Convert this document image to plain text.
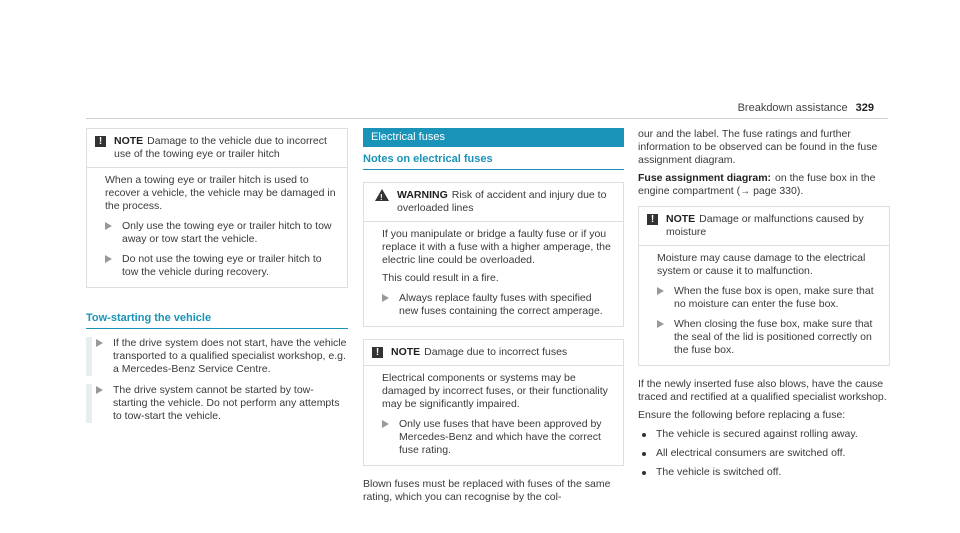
Breakdown assistance 329
!	NOTE Damage to the vehicle due to incorrect use of the towing eye or trailer hitch

When a towing eye or trailer hitch is used to recover a vehicle, the vehicle may be damaged in the process.

Only use the towing eye or trailer hitch to tow away or tow start the vehicle.
Do not use the towing eye or trailer hitch to tow the vehicle during recovery.
Tow-starting the vehicle
If the drive system does not start, have the vehicle transported to a qualified specialist workshop, e.g. a Mercedes-Benz Service Centre.
The drive system cannot be started by tow-starting the vehicle. Do not perform any attempts to tow-start the vehicle.
Electrical fuses
Notes on electrical fuses
! WARNING Risk of accident and injury due to overloaded lines

If you manipulate or bridge a faulty fuse or if you replace it with a fuse with a higher amperage, the electric line could be overloaded.

This could result in a fire.

Always replace faulty fuses with specified new fuses containing the correct amperage.
!	NOTE Damage due to incorrect fuses

Electrical components or systems may be damaged by incorrect fuses, or their functionality may be significantly impaired.

Only use fuses that have been approved by Mercedes-Benz and which have the correct fuse rating.

Blown fuses must be replaced with fuses of the same rating, which you can recognise by the col-

our and the label. The fuse ratings and further information to be observed can be found in the fuse assignment diagram.

Fuse assignment diagram: on the fuse box in the engine compartment (→ page 330).

!	NOTE Damage or malfunctions caused by moisture

Moisture may cause damage to the electrical system or cause it to malfunction.

When the fuse box is open, make sure that no moisture can enter the fuse box.
When closing the fuse box, make sure that the seal of the lid is positioned correctly on the fuse box.

If the newly inserted fuse also blows, have the cause traced and rectified at a qualified specialist workshop.

Ensure the following before replacing a fuse:

The vehicle is secured against rolling away.
All electrical consumers are switched off.
The vehicle is switched off.
